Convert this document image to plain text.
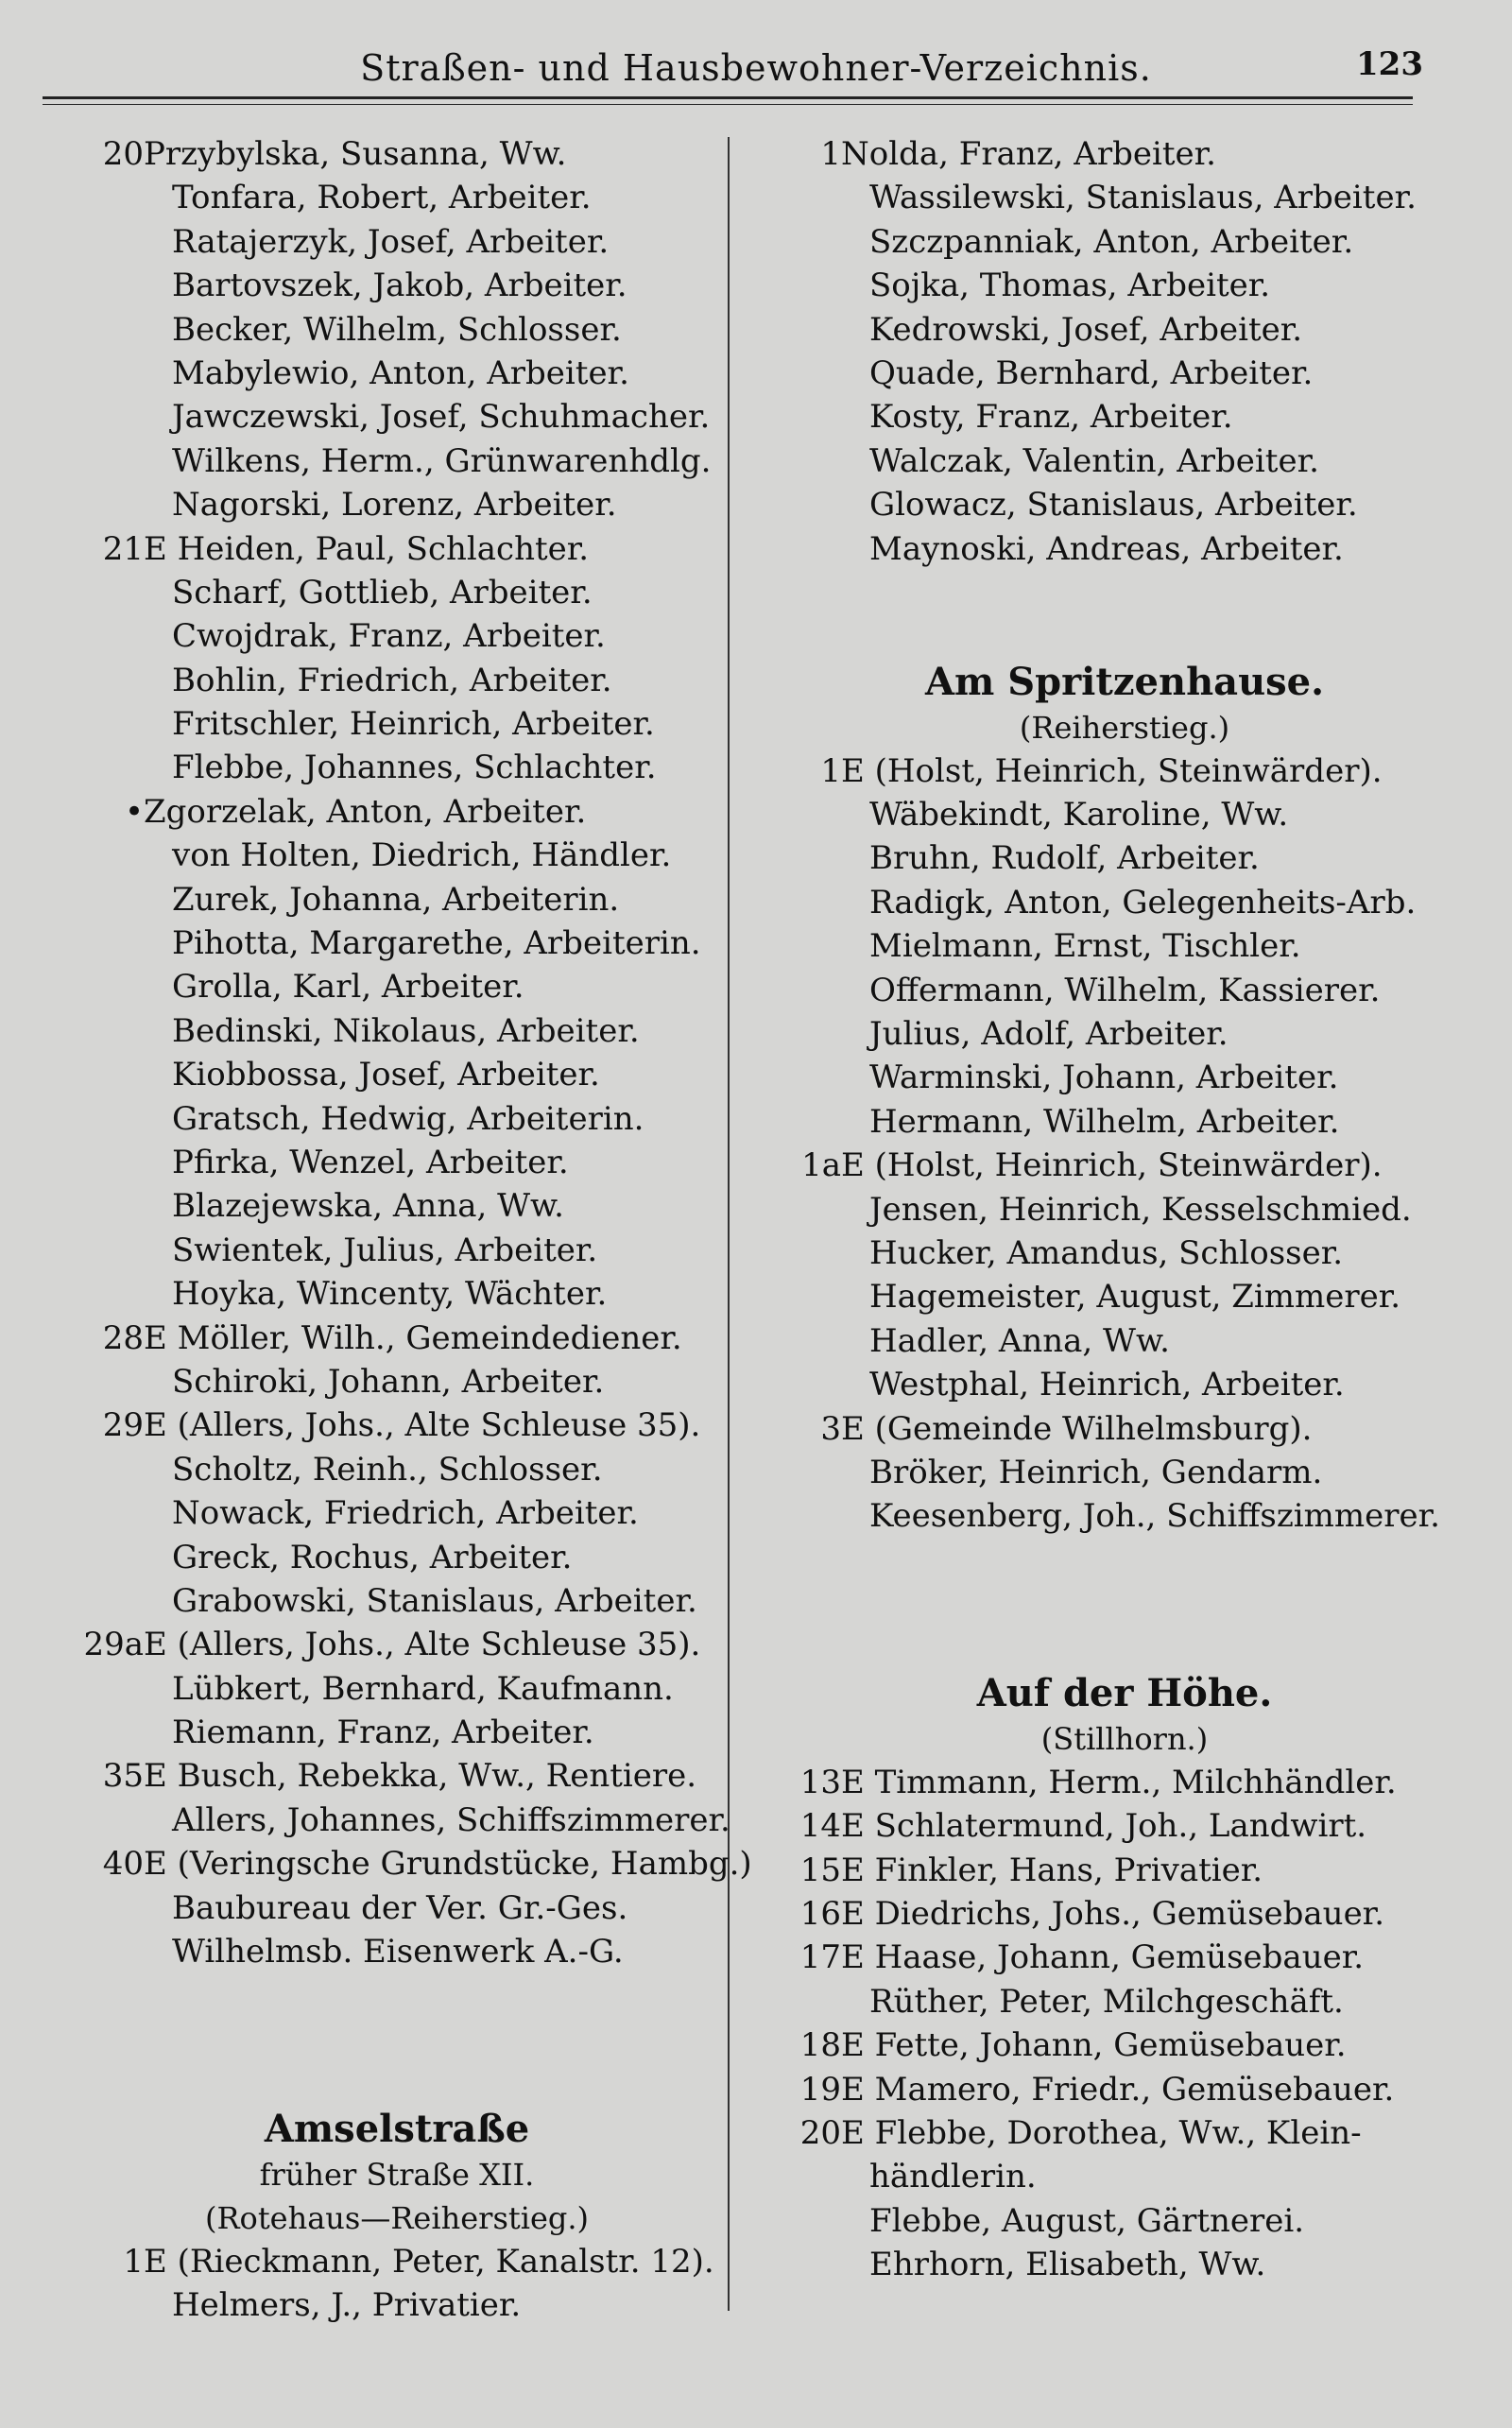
Straßen- und Hausbewohner-Verzeichnis.	123
20 Przybylska, Susanna, Ww.
Tonfara, Robert, Arbeiter.
Ratajerzyk, Josef, Arbeiter.
Bartovszek, Jakob, Arbeiter.
Becker, Wilhelm, Schlosser.
Mabylewio, Anton, Arbeiter.
Jawczewski, Josef, Schuhmacher.
Wilkens, Herm., Grünwarenhdlg.
Nagorski, Lorenz, Arbeiter.
21 E Heiden, Paul, Schlachter.
Scharf, Gottlieb, Arbeiter.
Cwojdrak, Franz, Arbeiter.
Bohlin, Friedrich, Arbeiter.
Fritschler, Heinrich, Arbeiter.
Flebbe, Johannes, Schlachter.
• Zgorzelak, Anton, Arbeiter.
von Holten, Diedrich, Händler.
Zurek, Johanna, Arbeiterin.
Pihotta, Margarethe, Arbeiterin.
Grolla, Karl, Arbeiter.
Bedinski, Nikolaus, Arbeiter.
Kiobbossa, Josef, Arbeiter.
Gratsch, Hedwig, Arbeiterin.
Pfirka, Wenzel, Arbeiter.
Blazejewska, Anna, Ww.
Swientek, Julius, Arbeiter.
Hoyka, Wincenty, Wächter.
28 E Möller, Wilh., Gemeindediener.
Schiroki, Johann, Arbeiter.
29 E (Allers, Johs., Alte Schleuse 35).
Scholtz, Reinh., Schlosser.
Nowack, Friedrich, Arbeiter.
Greck, Rochus, Arbeiter.
Grabowski, Stanislaus, Arbeiter.
29a E (Allers, Johs., Alte Schleuse 35).
Lübkert, Bernhard, Kaufmann.
Riemann, Franz, Arbeiter.
35 E Busch, Rebekka, Ww., Rentiere.
Allers, Johannes, Schiffszimmerer.
40 E (Veringsche Grundstücke, Hambg.)
Baubureau der Ver. Gr.-Ges.
Wilhelmsb. Eisenwerk A.-G.
Amselstraße
früher Straße XII.
(Rotehaus—Reiherstieg.)
1 E (Rieckmann, Peter, Kanalstr. 12).
Helmers, J., Privatier.
1 Nolda, Franz, Arbeiter.
Wassilewski, Stanislaus, Arbeiter.
Szczpanniak, Anton, Arbeiter.
Sojka, Thomas, Arbeiter.
Kedrowski, Josef, Arbeiter.
Quade, Bernhard, Arbeiter.
Kosty, Franz, Arbeiter.
Walczak, Valentin, Arbeiter.
Glowacz, Stanislaus, Arbeiter.
Maynoski, Andreas, Arbeiter.
Am Spritzenhause.
(Reiherstieg.)
1 E (Holst, Heinrich, Steinwärder).
Wäbekindt, Karoline, Ww.
Bruhn, Rudolf, Arbeiter.
Radigk, Anton, Gelegenheits-Arb.
Mielmann, Ernst, Tischler.
Offermann, Wilhelm, Kassierer.
Julius, Adolf, Arbeiter.
Warminski, Johann, Arbeiter.
Hermann, Wilhelm, Arbeiter.
1a E (Holst, Heinrich, Steinwärder).
Jensen, Heinrich, Kesselschmied.
Hucker, Amandus, Schlosser.
Hagemeister, August, Zimmerer.
Hadler, Anna, Ww.
Westphal, Heinrich, Arbeiter.
3 E (Gemeinde Wilhelmsburg).
Bröker, Heinrich, Gendarm.
Keesenberg, Joh., Schiffszimmerer.
Auf der Höhe.
(Stillhorn.)
13 E Timmann, Herm., Milchhändler.
14 E Schlatermund, Joh., Landwirt.
15 E Finkler, Hans, Privatier.
16 E Diedrichs, Johs., Gemüsebauer.
17 E Haase, Johann, Gemüsebauer.
Rüther, Peter, Milchgeschäft.
18 E Fette, Johann, Gemüsebauer.
19 E Mamero, Friedr., Gemüsebauer.
20 E Flebbe, Dorothea, Ww., Klein-
händlerin.
Flebbe, August, Gärtnerei.
Ehrhorn, Elisabeth, Ww.
